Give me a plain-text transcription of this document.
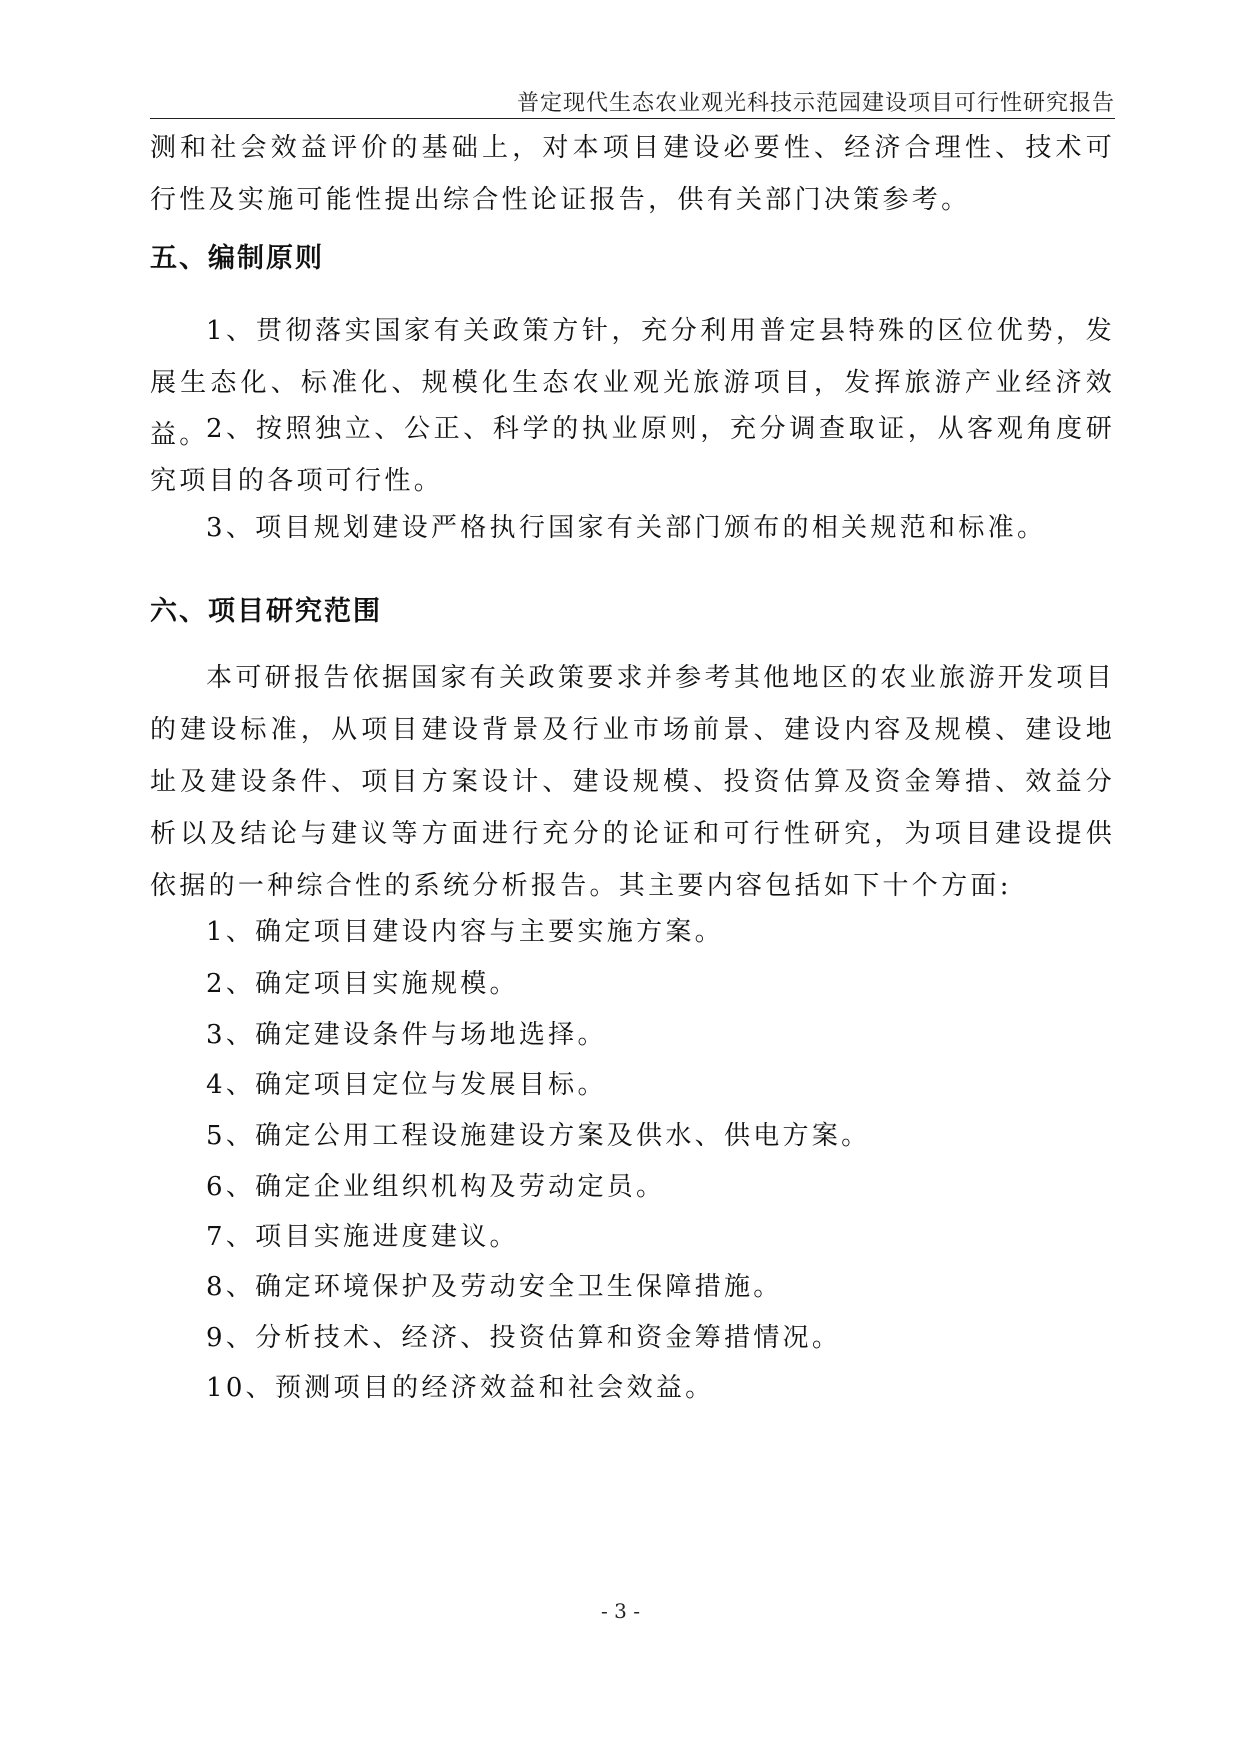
普定现代生态农业观光科技示范园建设项目可行性研究报告

测和社会效益评价的基础上，对本项目建设必要性、经济合理性、技术可行性及实施可能性提出综合性论证报告，供有关部门决策参考。

五、编制原则

1、贯彻落实国家有关政策方针，充分利用普定县特殊的区位优势，发展生态化、标准化、规模化生态农业观光旅游项目，发挥旅游产业经济效益。

2、按照独立、公正、科学的执业原则，充分调查取证，从客观角度研究项目的各项可行性。

3、项目规划建设严格执行国家有关部门颁布的相关规范和标准。

六、项目研究范围

本可研报告依据国家有关政策要求并参考其他地区的农业旅游开发项目的建设标准，从项目建设背景及行业市场前景、建设内容及规模、建设地址及建设条件、项目方案设计、建设规模、投资估算及资金筹措、效益分析以及结论与建议等方面进行充分的论证和可行性研究，为项目建设提供依据的一种综合性的系统分析报告。其主要内容包括如下十个方面:

1、确定项目建设内容与主要实施方案。

2、确定项目实施规模。

3、确定建设条件与场地选择。

4、确定项目定位与发展目标。

5、确定公用工程设施建设方案及供水、供电方案。

6、确定企业组织机构及劳动定员。

7、项目实施进度建议。

8、确定环境保护及劳动安全卫生保障措施。

9、分析技术、经济、投资估算和资金筹措情况。

10、预测项目的经济效益和社会效益。

- 3 -
